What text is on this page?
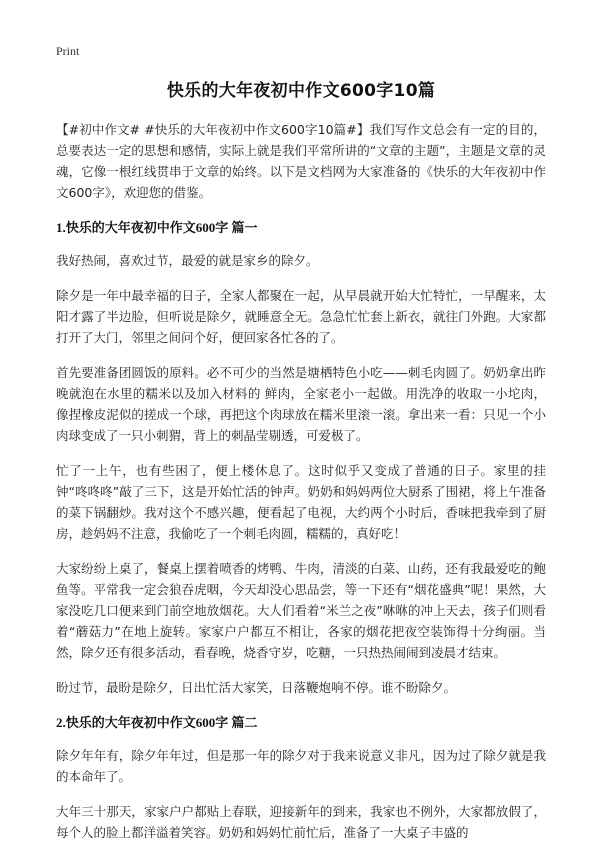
Print
快乐的大年夜初中作文600字10篇

【#初中作文# #快乐的大年夜初中作文600字10篇#】我们写作文总会有一定的目的，总要表达一定的思想和感情，实际上就是我们平常所讲的“文章的主题”，主题是文章的灵魂，它像一根红线贯串于文章的始终。以下是文档网为大家准备的《快乐的大年夜初中作文600字》，欢迎您的借鉴。

1.快乐的大年夜初中作文600字 篇一

我好热闹，喜欢过节，最爱的就是家乡的除夕。

除夕是一年中最幸福的日子，全家人都聚在一起，从早晨就开始大忙特忙，一早醒来，太阳才露了半边脸，但听说是除夕，就睡意全无。急急忙忙套上新衣，就往门外跑。大家都打开了大门，邻里之间问个好，便回家各忙各的了。

首先要准备团圆饭的原料。必不可少的当然是塘栖特色小吃——刺毛肉圆了。奶奶拿出昨晚就泡在水里的糯米以及加入材料的 鲜肉，全家老小一起做。用洗净的收取一小坨肉，像捏橡皮泥似的搓成一个球，再把这个肉球放在糯米里滚一滚。拿出来一看：只见一个小肉球变成了一只小刺猬，背上的刺晶莹剔透，可爱极了。

忙了一上午，也有些困了，便上楼休息了。这时似乎又变成了普通的日子。家里的挂钟“咚咚咚”敲了三下，这是开始忙活的钟声。奶奶和妈妈两位大厨系了围裙，将上午准备的菜下锅翻炒。我对这个不感兴趣，便看起了电视，大约两个小时后，香味把我牵到了厨房，趁妈妈不注意，我偷吃了一个刺毛肉圆，糯糯的，真好吃！

大家纷纷上桌了，餐桌上摆着喷香的烤鸭、牛肉，清淡的白菜、山药，还有我最爱吃的鲍鱼等。平常我一定会狼吞虎咽，今天却没心思品尝，等一下还有“烟花盛典”呢！果然，大家没吃几口便来到门前空地放烟花。大人们看着“米兰之夜”咻咻的冲上天去，孩子们则看着“蘑菇力”在地上旋转。家家户户都互不相让，各家的烟花把夜空装饰得十分绚丽。当然，除夕还有很多活动，看春晚，烧香守岁，吃糖，一只热热闹闹到凌晨才结束。

盼过节，最盼是除夕，日出忙活大家笑，日落鞭炮响不停。谁不盼除夕。

2.快乐的大年夜初中作文600字 篇二

除夕年年有，除夕年年过，但是那一年的除夕对于我来说意义非凡，因为过了除夕就是我的本命年了。

大年三十那天，家家户户都贴上春联，迎接新年的到来，我家也不例外，大家都放假了，每个人的脸上都洋溢着笑容。奶奶和妈妈忙前忙后，准备了一大桌子丰盛的
